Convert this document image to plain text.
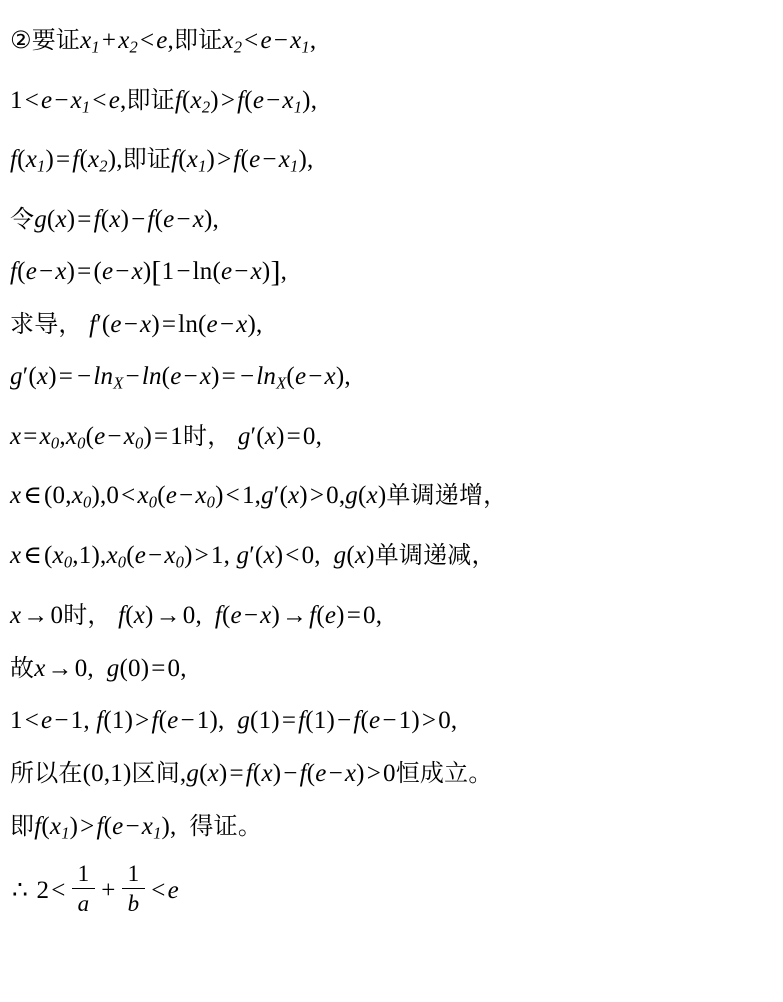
②要证$x_1+x_2<e$,即证$x_2<e-x_1$,
$1<e-x_1<e$,即证$f(x_2)>f(e-x_1)$,
$f(x_1)=f(x_2)$,即证$f(x_1)>f(e-x_1)$,
令g(x)=f(x)−f(e−x),
f(e−x)=(e−x)[1−ln(e−x)],
求导， f′(e−x)=ln(e−x),
$g'(x)= -\ln_X-\ln(e-x)= -\ln_X(e-x)$,
$x=x_0,x_0(e-x_0)=1$时， g′(x)=0,
$x\in(0,x_0),0<x_0(e-x_0)<1,g'(x)>0,g(x)$单调递增，
$x\in(x_0,1),x_0(e-x_0)>1$, g′(x)<0,  g(x)单调递减，
x→0时， f(x)→0,  f(e−x)→f(e)=0,
故x→0,  g(0)=0,
1<e−1, f(1)>f(e−1),  g(1)=f(1)−f(e−1)>0,
所以在(0,1)区间,g(x)=f(x)−f(e−x)>0恒成立。
即$f(x_1)>f(e-x_1)$,  得证。
∴ $2< \frac{1}{a} + \frac{1}{b} <e$
